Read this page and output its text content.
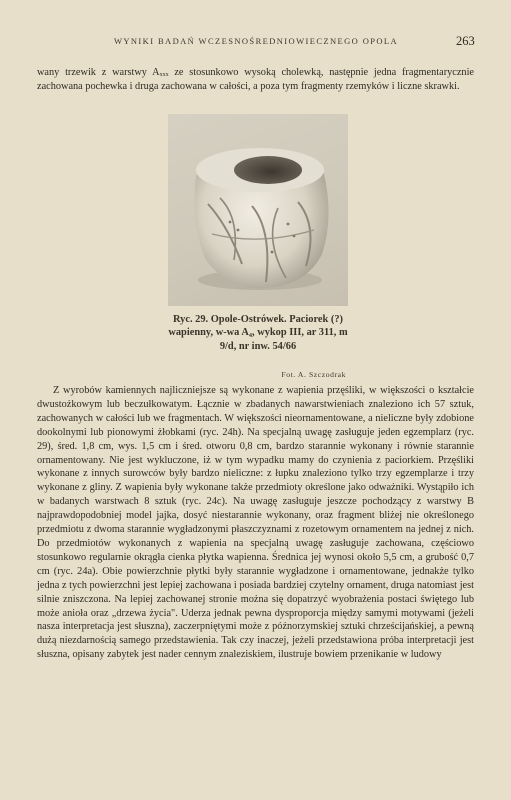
WYNIKI BADAŃ WCZESNOŚREDNIOWIECZNEGO OPOLA	263

wany trzewik z warstwy Aₓₓₓ ze stosunkowo wysoką cholewką, następnie jedna fragmentarycznie zachowana pochewka i druga zachowana w całości, a poza tym fragmenty rzemyków i liczne skrawki.

Ryc. 29. Opole-Ostrówek. Paciorek (?) wapienny, w-wa A₄, wykop III, ar 311, m 9/d, nr inw. 54/66
Fot. A. Szczodrak

Z wyrobów kamiennych najliczniejsze są wykonane z wapienia przęśliki, w większości o kształcie dwustożkowym lub beczułkowatym. Łącznie w zbadanych nawarstwieniach znaleziono ich 57 sztuk, zachowanych w całości lub we fragmentach. W większości nieornamentowane, a nieliczne były zdobione dookolnymi lub pionowymi żłobkami (ryc. 24h). Na specjalną uwagę zasługuje jeden egzemplarz (ryc. 29), śred. 1,8 cm, wys. 1,5 cm i śred. otworu 0,8 cm, bardzo starannie wykonany i równie starannie ornamentowany. Nie jest wykluczone, iż w tym wypadku mamy do czynienia z paciorkiem. Przęśliki wykonane z innych surowców były bardzo nieliczne: z łupku znaleziono tylko trzy egzemplarze i trzy wykonane z gliny. Z wapienia były wykonane także przedmioty określone jako odważniki. Wystąpiło ich w badanych warstwach 8 sztuk (ryc. 24c). Na uwagę zasługuje jeszcze pochodzący z warstwy B najprawdopodobniej model jajka, dosyć niestarannie wykonany, oraz fragment bliżej nie określonego przedmiotu z dwoma starannie wygładzonymi płaszczyznami z rozetowym ornamentem na jednej z nich. Do przedmiotów wykonanych z wapienia na specjalną uwagę zasługuje zachowana, częściowo stosunkowo regularnie okrągła cienka płytka wapienna. Średnica jej wynosi około 5,5 cm, a grubość 0,7 cm (ryc. 24a). Obie powierzchnie płytki były starannie wygładzone i ornamentowane, jednakże tylko jedna z tych powierzchni jest lepiej zachowana i posiada bardziej czytelny ornament, druga natomiast jest silnie zniszczona. Na lepiej zachowanej stronie można się dopatrzyć wyobrażenia postaci świętego lub może anioła oraz „drzewa życia". Uderza jednak pewna dysproporcja między samymi motywami (jeżeli nasza interpretacja jest słuszna), zaczerpniętymi może z późnorzymskiej sztuki chrześcijańskiej, a pewną dużą niezdarnością samego przedstawienia. Tak czy inaczej, jeżeli przedstawiona próba interpretacji jest słuszna, opisany zabytek jest nader cennym znaleziskiem, ilustruje bowiem przenikanie w ludowy
